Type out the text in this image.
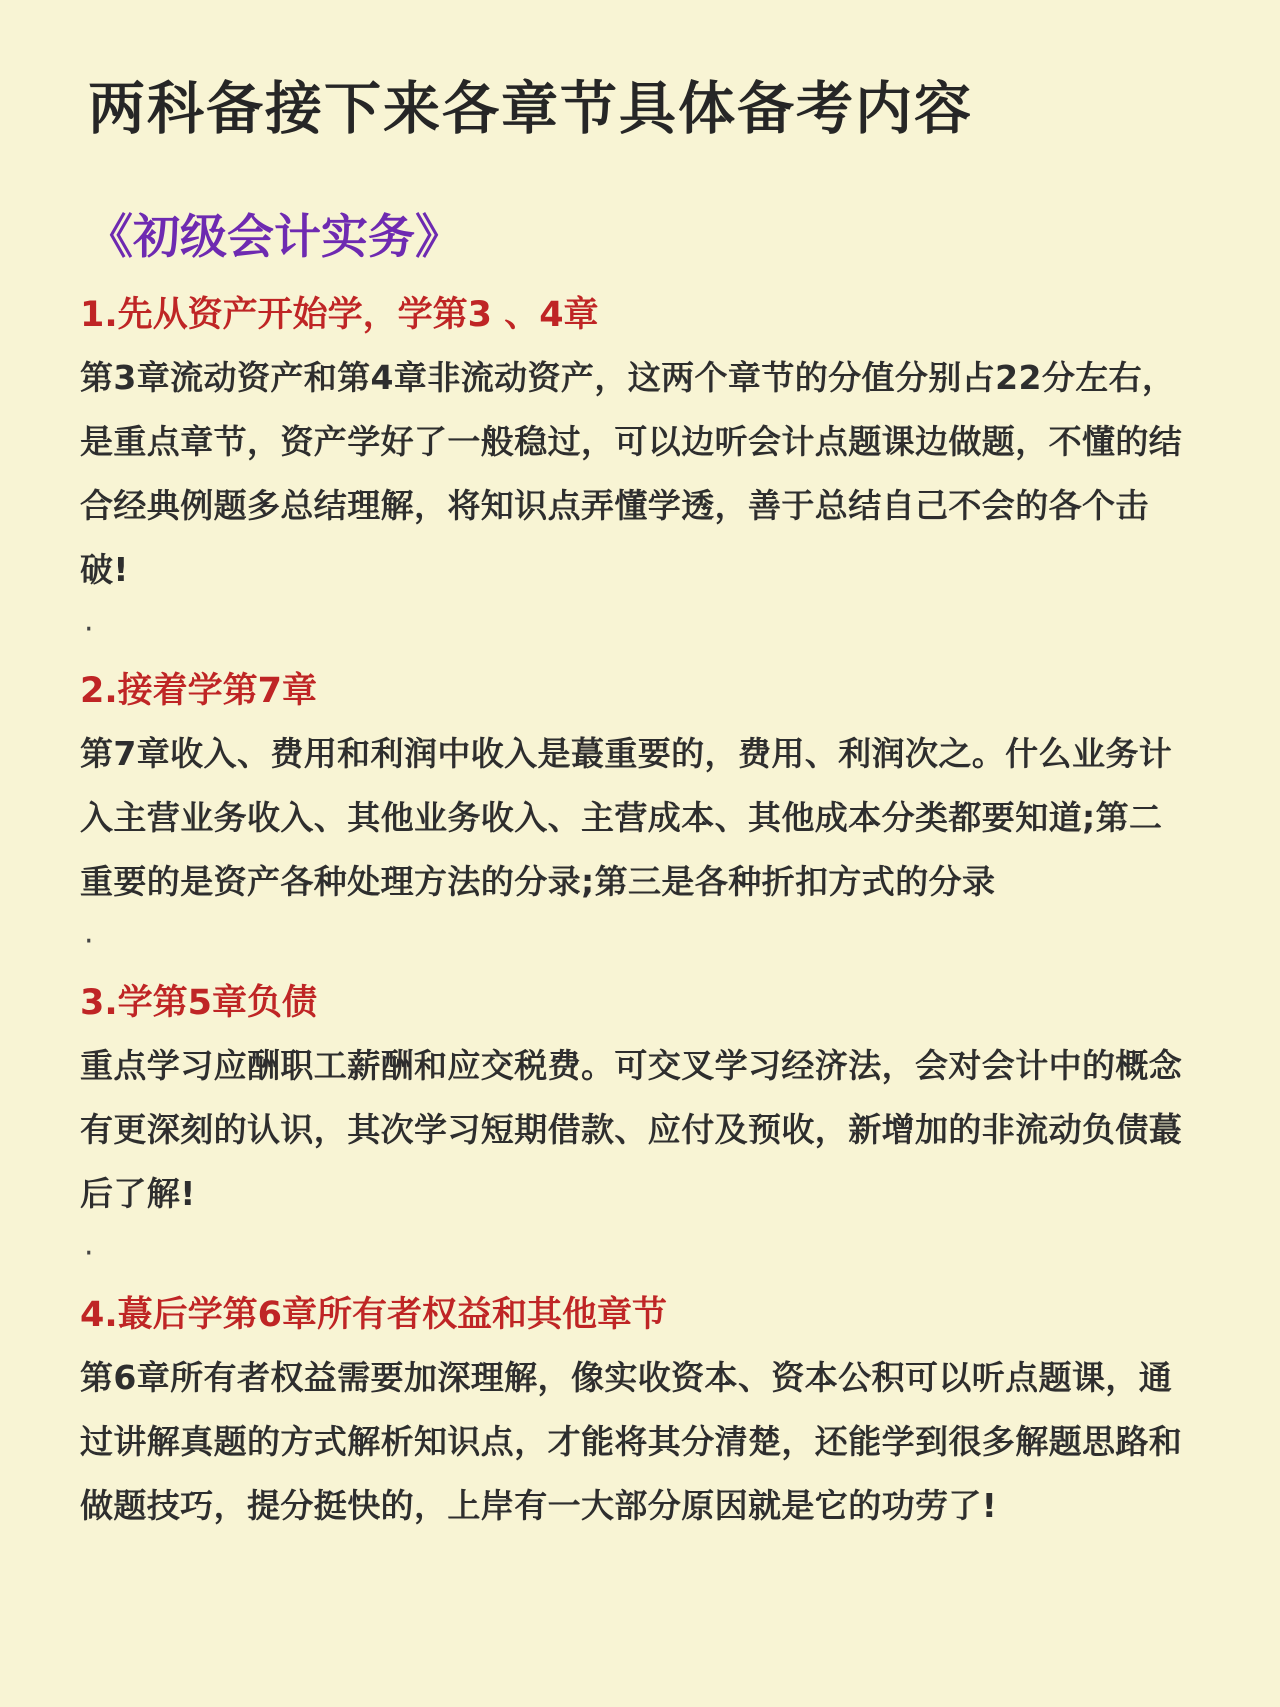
两科备接下来各章节具体备考内容
《初级会计实务》

1.先从资产开始学，学第3 、4章

第3章流动资产和第4章非流动资产，这两个章节的分值分别占22分左右，是重点章节，资产学好了一般稳过，可以边听会计点题课边做题，不懂的结合经典例题多总结理解，将知识点弄懂学透，善于总结自己不会的各个击破!

·

2.接着学第7章

第7章收入、费用和利润中收入是蕞重要的，费用、利润次之。什么业务计入主营业务收入、其他业务收入、主营成本、其他成本分类都要知道;第二重要的是资产各种处理方法的分录;第三是各种折扣方式的分录

·

3.学第5章负债

重点学习应酬职工薪酬和应交税费。可交叉学习经济法，会对会计中的概念有更深刻的认识，其次学习短期借款、应付及预收，新增加的非流动负债蕞后了解!

·

4.蕞后学第6章所有者权益和其他章节

第6章所有者权益需要加深理解，像实收资本、资本公积可以听点题课，通过讲解真题的方式解析知识点，才能将其分清楚，还能学到很多解题思路和做题技巧，提分挺快的，上岸有一大部分原因就是它的功劳了!
